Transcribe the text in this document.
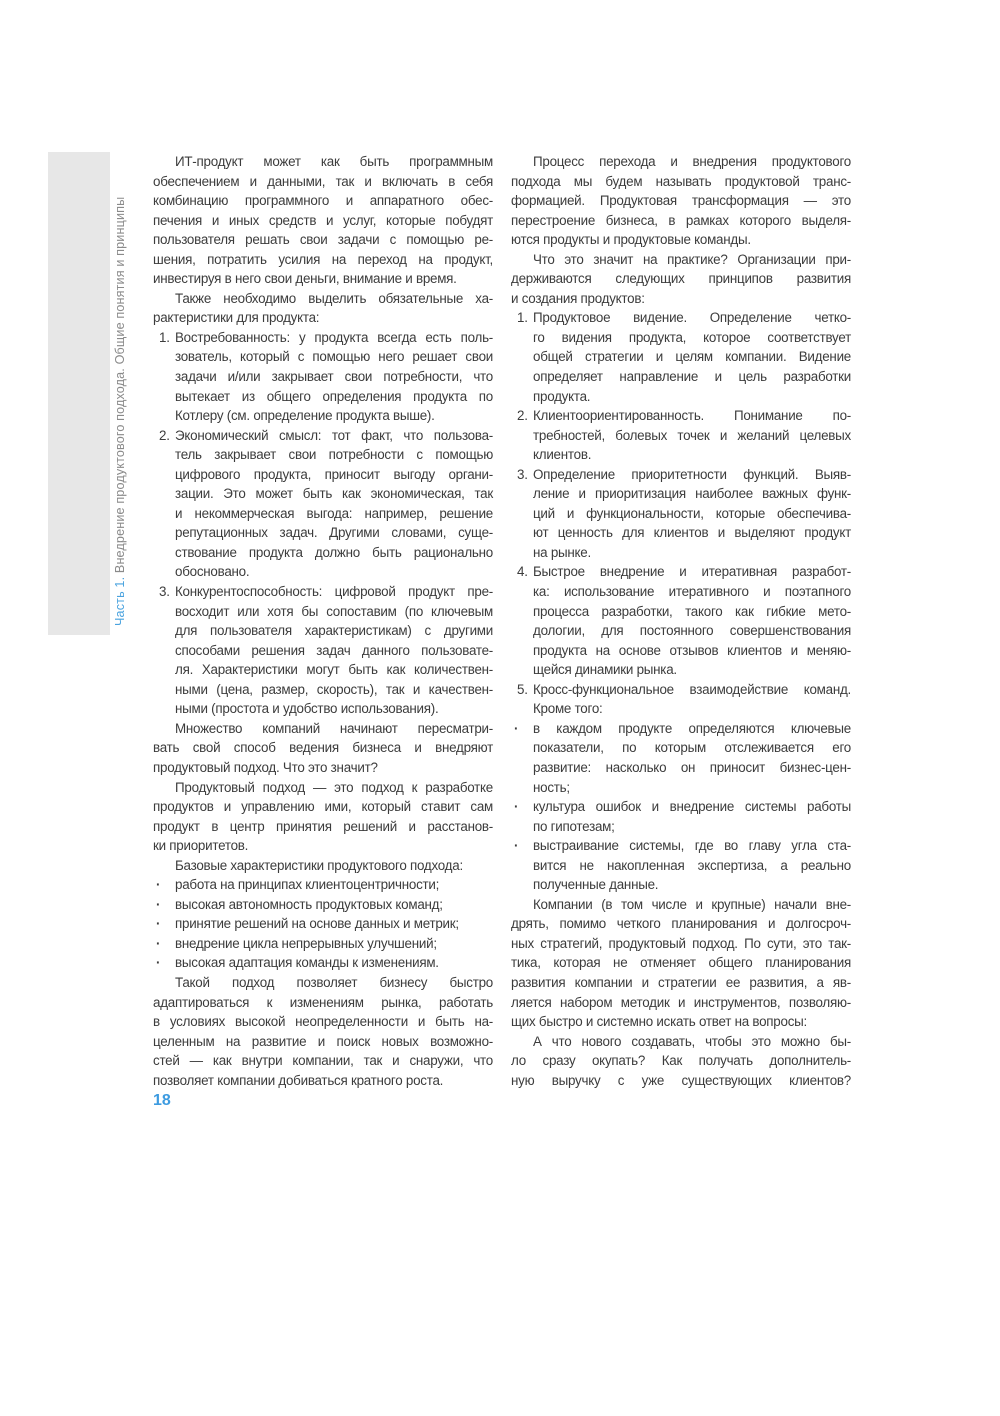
Часть 1. Внедрение продуктового подхода. Общие понятия и принципы
ИТ-продукт может как быть программным
обеспечением и данными, так и включать в себя
комбинацию программного и аппаратного обес-
печения и иных средств и услуг, которые побудят
пользователя решать свои задачи с помощью ре-
шения, потратить усилия на переход на продукт,
инвестируя в него свои деньги, внимание и время.
Также необходимо выделить обязательные ха-
рактеристики для продукта:
1. Востребованность: у продукта всегда есть поль-
зователь, который с помощью него решает свои
задачи и/или закрывает свои потребности, что
вытекает из общего определения продукта по
Котлеру (см. определение продукта выше).
2. Экономический смысл: тот факт, что пользова-
тель закрывает свои потребности с помощью
цифрового продукта, приносит выгоду органи-
зации. Это может быть как экономическая, так
и некоммерческая выгода: например, решение
репутационных задач. Другими словами, суще-
ствование продукта должно быть рационально
обосновано.
3. Конкурентоспособность: цифровой продукт пре-
восходит или хотя бы сопоставим (по ключевым
для пользователя характеристикам) с другими
способами решения задач данного пользовате-
ля. Характеристики могут быть как количествен-
ными (цена, размер, скорость), так и качествен-
ными (простота и удобство использования).
Множество компаний начинают пересматри-
вать свой способ ведения бизнеса и внедряют
продуктовый подход. Что это значит?
Продуктовый подход — это подход к разработке
продуктов и управлению ими, который ставит сам
продукт в центр принятия решений и расстанов-
ки приоритетов.
Базовые характеристики продуктового подхода:
· работа на принципах клиентоцентричности;
· высокая автономность продуктовых команд;
· принятие решений на основе данных и метрик;
· внедрение цикла непрерывных улучшений;
· высокая адаптация команды к изменениям.
Такой подход позволяет бизнесу быстро
адаптироваться к изменениям рынка, работать
в условиях высокой неопределенности и быть на-
целенным на развитие и поиск новых возможно-
стей — как внутри компании, так и снаружи, что
позволяет компании добиваться кратного роста.
Процесс перехода и внедрения продуктового
подхода мы будем называть продуктовой транс-
формацией. Продуктовая трансформация — это
перестроение бизнеса, в рамках которого выделя-
ются продукты и продуктовые команды.
Что это значит на практике? Организации при-
держиваются следующих принципов развития
и создания продуктов:
1. Продуктовое видение. Определение четко-
го видения продукта, которое соответствует
общей стратегии и целям компании. Видение
определяет направление и цель разработки
продукта.
2. Клиентоориентированность. Понимание по-
требностей, болевых точек и желаний целевых
клиентов.
3. Определение приоритетности функций. Выяв-
ление и приоритизация наиболее важных функ-
ций и функциональности, которые обеспечива-
ют ценность для клиентов и выделяют продукт
на рынке.
4. Быстрое внедрение и итеративная разработ-
ка: использование итеративного и поэтапного
процесса разработки, такого как гибкие мето-
дологии, для постоянного совершенствования
продукта на основе отзывов клиентов и меняю-
щейся динамики рынка.
5. Кросс-функциональное взаимодействие команд.
Кроме того:
· в каждом продукте определяются ключевые
показатели, по которым отслеживается его
развитие: насколько он приносит бизнес-цен-
ность;
· культура ошибок и внедрение системы работы
по гипотезам;
· выстраивание системы, где во главу угла ста-
вится не накопленная экспертиза, а реально
полученные данные.
Компании (в том числе и крупные) начали вне-
дрять, помимо четкого планирования и долгосроч-
ных стратегий, продуктовый подход. По сути, это так-
тика, которая не отменяет общего планирования
развития компании и стратегии ее развития, а яв-
ляется набором методик и инструментов, позволяю-
щих быстро и системно искать ответ на вопросы:
А что нового создавать, чтобы это можно бы-
ло сразу окупать? Как получать дополнитель-
ную выручку с уже существующих клиентов?
18
